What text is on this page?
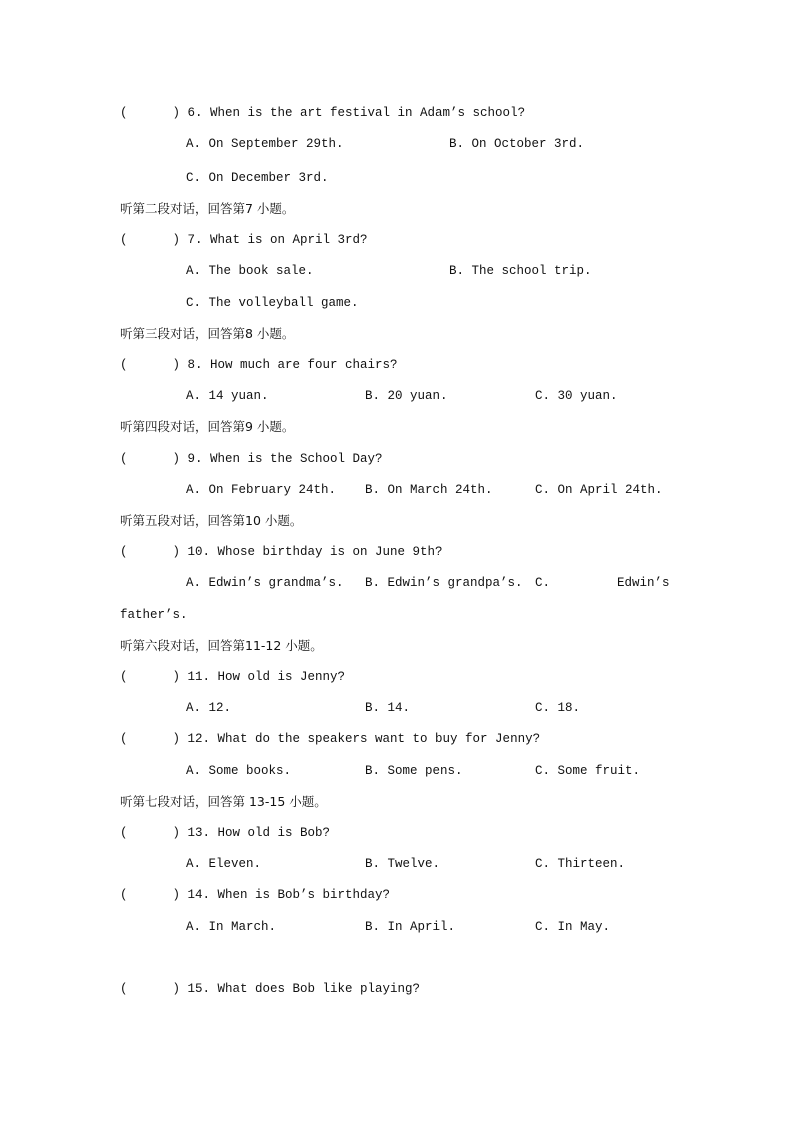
(      ) 6. When is the art festival in Adam’s school?
A. On September 29th.	B. On October 3rd.
C. On December 3rd.
听第二段对话，回答第7 小题。
(      ) 7. What is on April 3rd?
A. The book sale.	B. The school trip.
C. The volleyball game.
听第三段对话，回答第8 小题。
(      ) 8. How much are four chairs?
A. 14 yuan.	B. 20 yuan.	C. 30 yuan.
听第四段对话，回答第9 小题。
(      ) 9. When is the School Day?
A. On February 24th. B. On March 24th.	C. On April 24th.
听第五段对话，回答第10 小题。
(      ) 10. Whose birthday is on June 9th?
A. Edwin’s grandma’s. B. Edwin’s grandpa’s. C.	Edwin’s
father’s.
听第六段对话，回答第11-12 小题。
(      ) 11. How old is Jenny?
A. 12.	B. 14.	C. 18.
(      ) 12. What do the speakers want to buy for Jenny?
A. Some books.	B. Some pens.	C. Some fruit.
听第七段对话，回答第 13-15 小题。
(      ) 13. How old is Bob?
A. Eleven.	B. Twelve.	C. Thirteen.
(      ) 14. When is Bob’s birthday?
A. In March.	B. In April.	C. In May.
(      ) 15. What does Bob like playing?
